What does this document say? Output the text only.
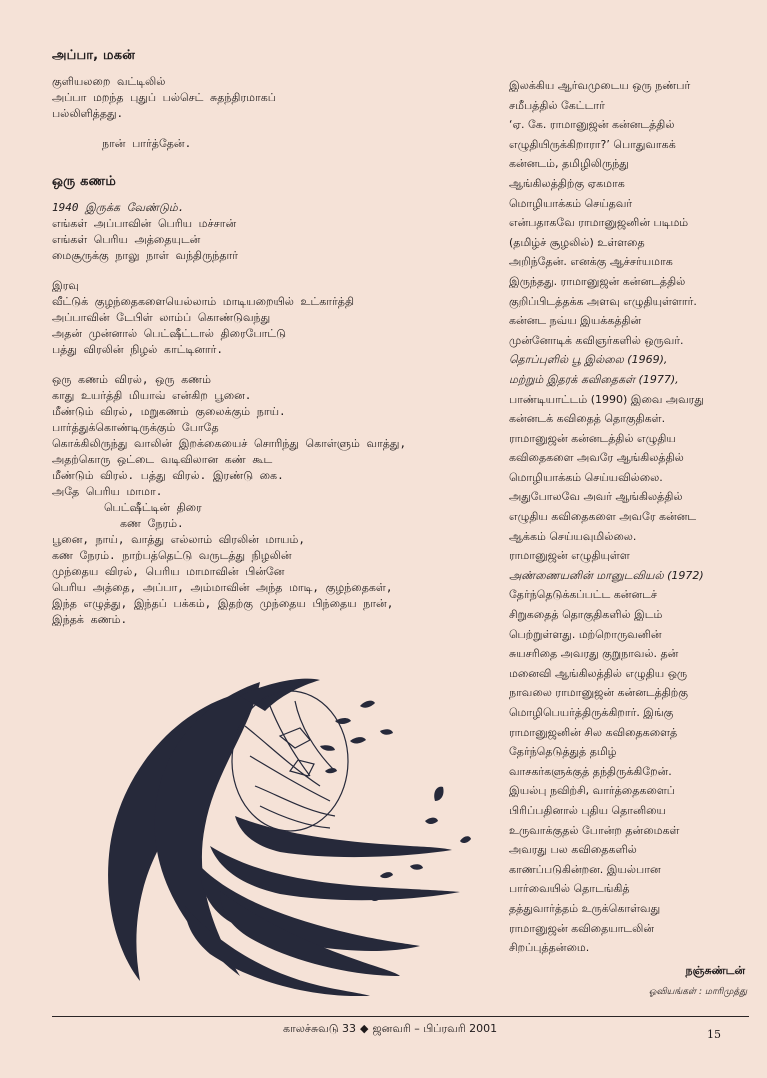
அப்பா, மகன்
குளியலறை வட்டிலில்
அப்பா மறந்த புதுப் பல்செட் சுதந்திரமாகப்
பல்லிளித்தது.
நான் பார்த்தேன்.
ஒரு கணம்
1940 இருக்க வேண்டும்.
எங்கள் அப்பாவின் பெரிய மச்சான்
எங்கள் பெரிய அத்தையுடன்
மைசூருக்கு நாலு நாள் வந்திருந்தார்
இரவு
வீட்டுக் குழந்தைகளையெல்லாம் மாடியறையில் உட்கார்த்தி
அப்பாவின் டேபிள் லாம்ப் கொண்டுவந்து
அதன் முன்னால் பெட்ஷீட்டால் திரைபோட்டு
பத்து விரலின் நிழல் காட்டினார்.
ஒரு கணம் விரல், ஒரு கணம்
காது உயர்த்தி மியாவ் என்கிற பூனை.
மீண்டும் விரல், மறுகணம் குலைக்கும் நாய்.
பார்த்துக்கொண்டிருக்கும் போதே
கொக்கிலிருந்து வாலின் இறக்கையைச் சொரிந்து கொள்ளும் வாத்து,
அதற்கொரு ஒட்டை வடிவிலான கண் கூட
மீண்டும் விரல். பத்து விரல். இரண்டு கை.
அதே பெரிய மாமா.
பெட்ஷீட்டின் திரை
கண நேரம்.
பூனை, நாய், வாத்து எல்லாம் விரலின் மாயம்,
கண நேரம். நாற்பத்தெட்டு வருடத்து நிழலின்
முந்தைய விரல், பெரிய மாமாவின் பின்னே
பெரிய அத்தை, அப்பா, அம்மாவின் அந்த மாடி, குழந்தைகள்,
இந்த எழுத்து, இந்தப் பக்கம், இதற்கு முந்தைய பிந்தைய நான்,
இந்தக் கணம்.
இலக்கிய ஆர்வமுடைய ஒரு நண்பர்
சமீபத்தில் கேட்டார்
‘ஏ. கே. ராமானுஜன் கன்னடத்தில்
எழுதியிருக்கிறாரா?’ பொதுவாகக்
கன்னடம், தமிழிலிருந்து
ஆங்கிலத்திற்கு ஏகமாக
மொழியாக்கம் செய்தவர்
என்பதாகவே ராமானுஜனின் படிமம்
(தமிழ்ச் சூழலில்) உள்ளதை
அறிந்தேன். எனக்கு ஆச்சர்யமாக
இருந்தது. ராமானுஜன் கன்னடத்தில்
குறிப்பிடத்தக்க அளவு எழுதியுள்ளார்.
கன்னட நவ்ய இயக்கத்தின்
முன்னோடிக் கவிஞர்களில் ஒருவர்.
தொப்புளில் பூ இல்லை (1969),
மற்றும் இதரக் கவிதைகள் (1977),
பாண்டியாட்டம் (1990) இவை அவரது
கன்னடக் கவிதைத் தொகுதிகள்.
ராமானுஜன் கன்னடத்தில் எழுதிய
கவிதைகளை அவரே ஆங்கிலத்தில்
மொழியாக்கம் செய்யவில்லை.
அதுபோலவே அவர் ஆங்கிலத்தில்
எழுதிய கவிதைகளை அவரே கன்னட
ஆக்கம் செய்யவுமில்லை.
ராமானுஜன் எழுதியுள்ள
அண்ணையனின் மானுடவியல் (1972)
தேர்ந்தெடுக்கப்பட்ட கன்னடச்
சிறுகதைத் தொகுதிகளில் இடம்
பெற்றுள்ளது. மற்றொருவனின்
சுயசரிதை அவரது குறுநாவல். தன்
மனைவி ஆங்கிலத்தில் எழுதிய ஒரு
நாவலை ராமானுஜன் கன்னடத்திற்கு
மொழிபெயர்த்திருக்கிறார். இங்கு
ராமானுஜனின் சில கவிதைகளைத்
தேர்ந்தெடுத்துத் தமிழ்
வாசகர்களுக்குத் தந்திருக்கிறேன்.
இயல்பு நவிற்சி, வார்த்தைகளைப்
பிரிப்பதினால் புதிய தொனியை
உருவாக்குதல் போன்ற தன்மைகள்
அவரது பல கவிதைகளில்
காணப்படுகின்றன. இயல்பான
பார்வையில் தொடங்கித்
தத்துவார்த்தம் உருக்கொள்வது
ராமானுஜன் கவிதையாடலின்
சிறப்புத்தன்மை.
நஞ்சுண்டன்
ஓவியங்கள் : மாரிமுத்து
காலச்சுவடு 33 ◆ ஜனவரி – பிப்ரவரி 2001	15
